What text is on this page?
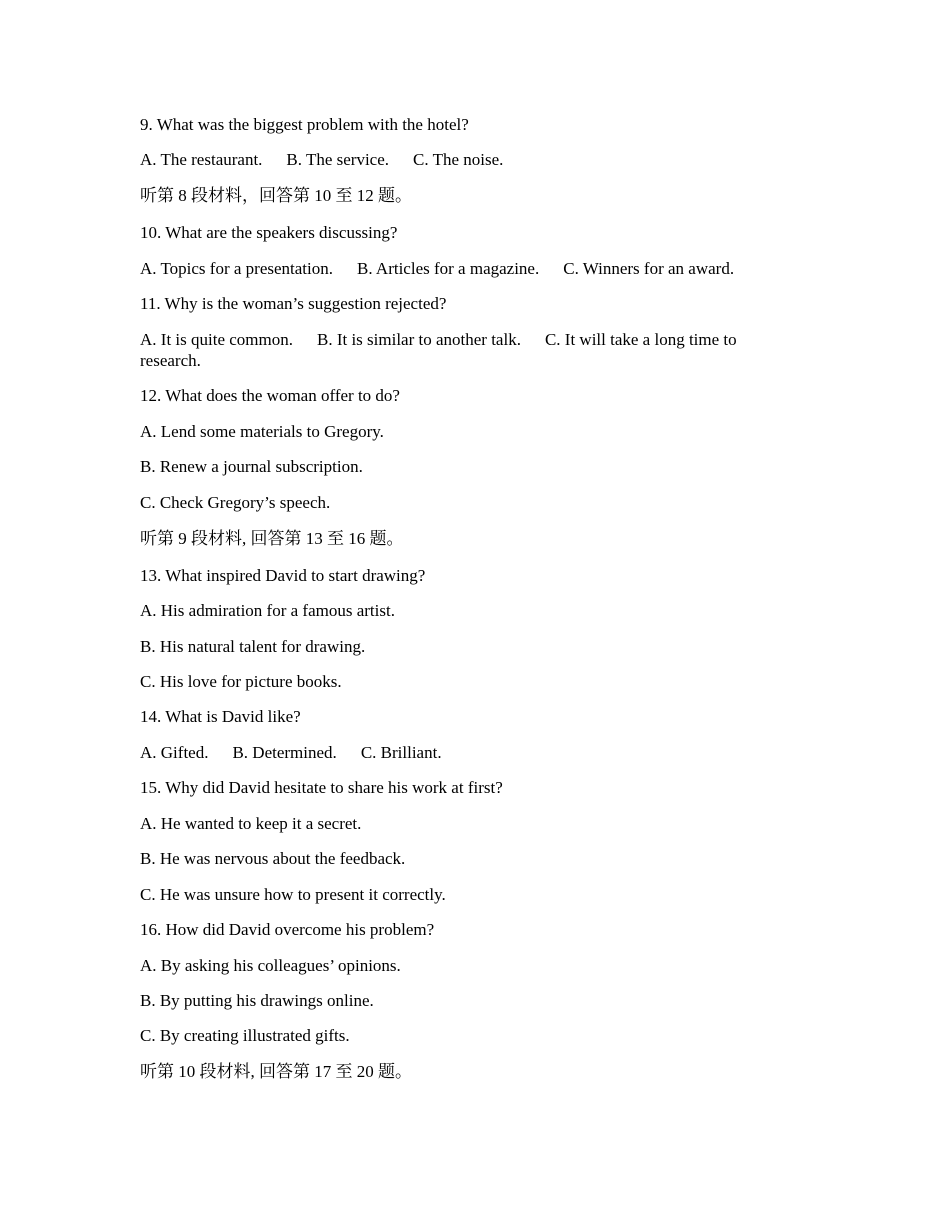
9. What was the biggest problem with the hotel?
A. The restaurant. B. The service. C. The noise.
听第 8 段材料，回答第 10 至 12 题。
10. What are the speakers discussing?
A. Topics for a presentation. B. Articles for a magazine. C. Winners for an award.
11. Why is the woman’s suggestion rejected?
A. It is quite common. B. It is similar to another talk. C. It will take a long time to research.
12. What does the woman offer to do?
A. Lend some materials to Gregory.
B. Renew a journal subscription.
C. Check Gregory’s speech.
听第 9 段材料, 回答第 13 至 16 题。
13. What inspired David to start drawing?
A. His admiration for a famous artist.
B. His natural talent for drawing.
C. His love for picture books.
14. What is David like?
A. Gifted. B. Determined. C. Brilliant.
15. Why did David hesitate to share his work at first?
A. He wanted to keep it a secret.
B. He was nervous about the feedback.
C. He was unsure how to present it correctly.
16. How did David overcome his problem?
A. By asking his colleagues’ opinions.
B. By putting his drawings online.
C. By creating illustrated gifts.
听第 10 段材料, 回答第 17 至 20 题。
